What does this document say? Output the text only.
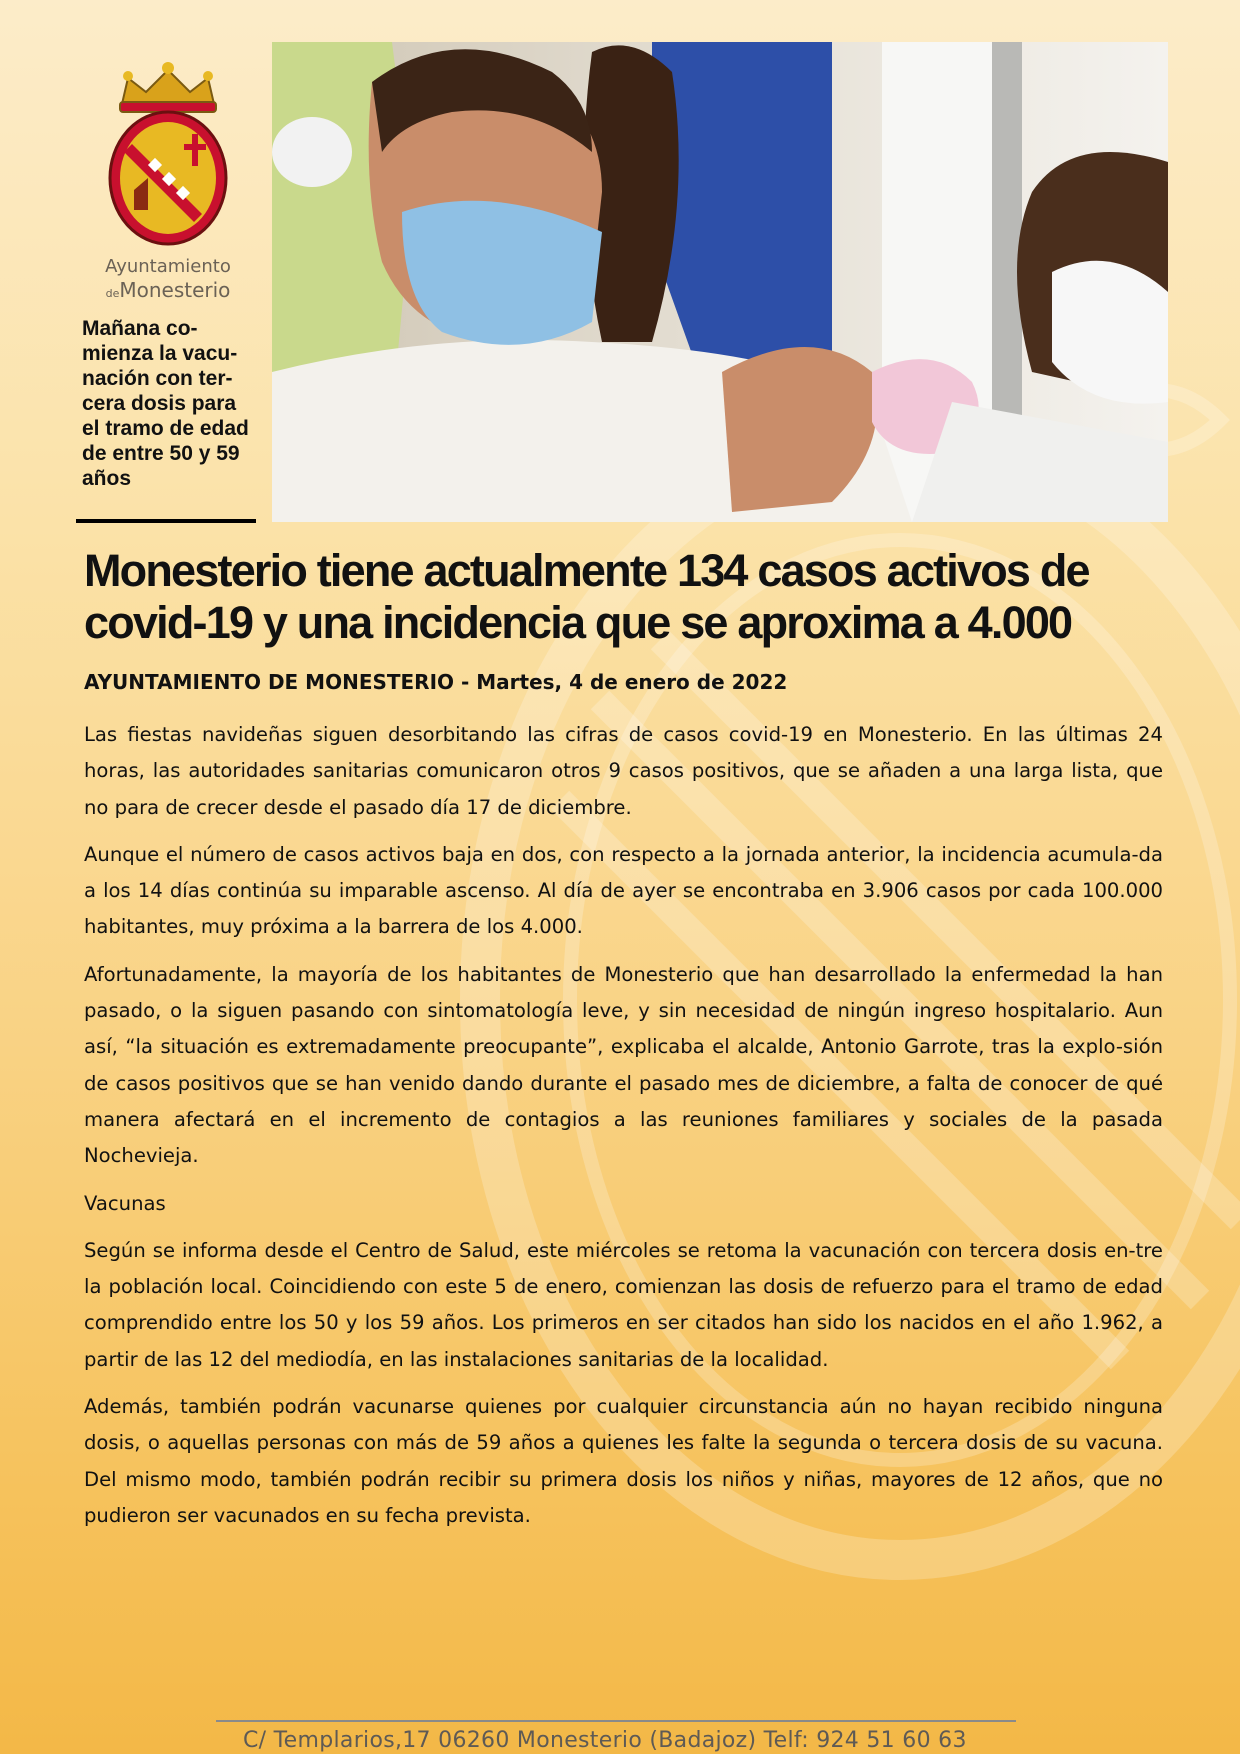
Ayuntamiento
deMonesterio
Mañana co-mienza la vacu-nación con ter-cera dosis para el tramo de edad de entre 50 y 59 años
Monesterio tiene actualmente 134 casos activos de covid-19 y una incidencia que se aproxima a 4.000
AYUNTAMIENTO DE MONESTERIO - Martes, 4 de enero de 2022

Las fiestas navideñas siguen desorbitando las cifras de casos covid-19 en Monesterio. En las últimas 24 horas, las autoridades sanitarias comunicaron otros 9 casos positivos, que se añaden a una larga lista, que no para de crecer desde el pasado día 17 de diciembre.

Aunque el número de casos activos baja en dos, con respecto a la jornada anterior, la incidencia acumula-da a los 14 días continúa su imparable ascenso. Al día de ayer se encontraba en 3.906 casos por cada 100.000 habitantes, muy próxima a la barrera de los 4.000.

Afortunadamente, la mayoría de los habitantes de Monesterio que han desarrollado la enfermedad la han pasado, o la siguen pasando con sintomatología leve, y sin necesidad de ningún ingreso hospitalario. Aun así, “la situación es extremadamente preocupante”, explicaba el alcalde, Antonio Garrote, tras la explo-sión de casos positivos que se han venido dando durante el pasado mes de diciembre, a falta de conocer de qué manera afectará en el incremento de contagios a las reuniones familiares y sociales de la pasada Nochevieja.

Vacunas

Según se informa desde el Centro de Salud, este miércoles se retoma la vacunación con tercera dosis en-tre la población local. Coincidiendo con este 5 de enero, comienzan las dosis de refuerzo para el tramo de edad comprendido entre los 50 y los 59 años. Los primeros en ser citados han sido los nacidos en el año 1.962, a partir de las 12 del mediodía, en las instalaciones sanitarias de la localidad.

Además, también podrán vacunarse quienes por cualquier circunstancia aún no hayan recibido ninguna dosis, o aquellas personas con más de 59 años a quienes les falte la segunda o tercera dosis de su vacuna. Del mismo modo, también podrán recibir su primera dosis los niños y niñas, mayores de 12 años, que no pudieron ser vacunados en su fecha prevista.

C/ Templarios,17 06260 Monesterio (Badajoz) Telf: 924 51 60 63
